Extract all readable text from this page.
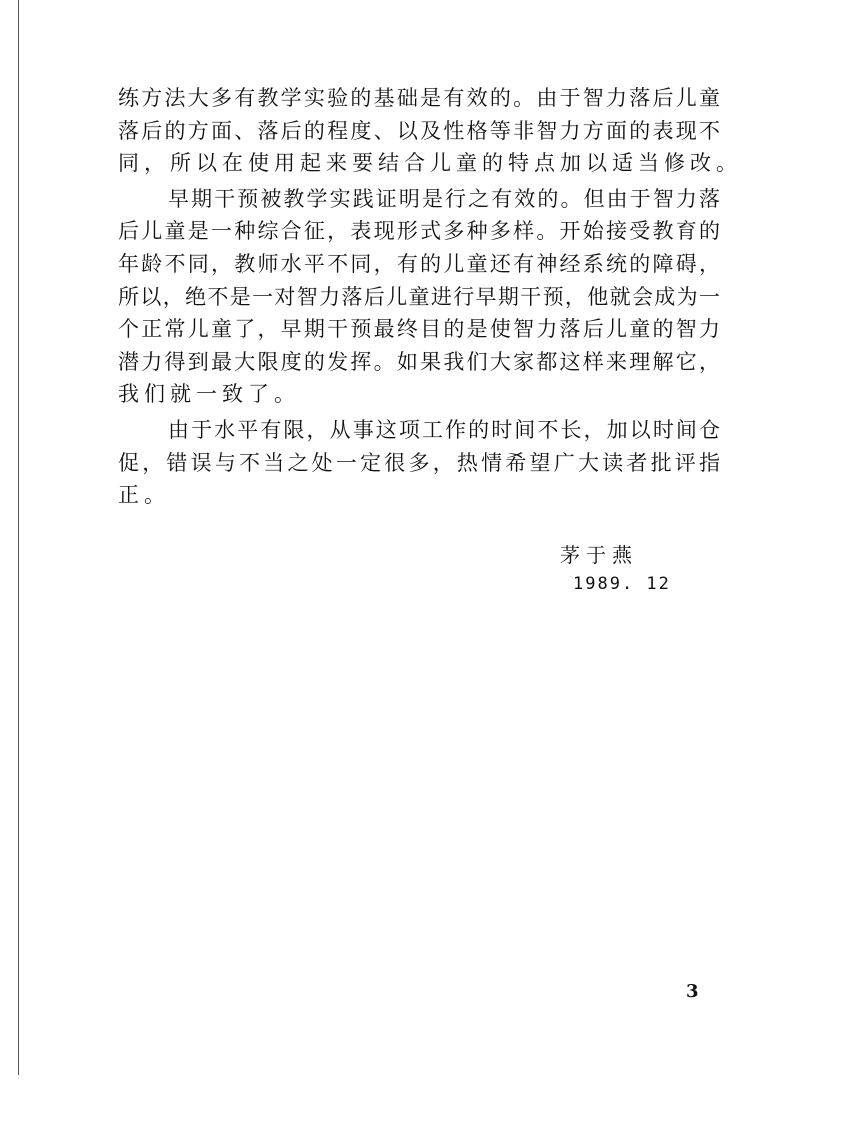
练方法大多有教学实验的基础是有效的。由于智力落后儿童
落后的方面、落后的程度、以及性格等非智力方面的表现不
同，所以在使用起来要结合儿童的特点加以适当修改。
早期干预被教学实践证明是行之有效的。但由于智力落
后儿童是一种综合征，表现形式多种多样。开始接受教育的
年龄不同，教师水平不同，有的儿童还有神经系统的障碍，
所以，绝不是一对智力落后儿童进行早期干预，他就会成为一
个正常儿童了，早期干预最终目的是使智力落后儿童的智力
潜力得到最大限度的发挥。如果我们大家都这样来理解它，
我们就一致了。
由于水平有限，从事这项工作的时间不长，加以时间仓
促，错误与不当之处一定很多，热情希望广大读者批评指
正。
茅于燕
1989. 12
3
